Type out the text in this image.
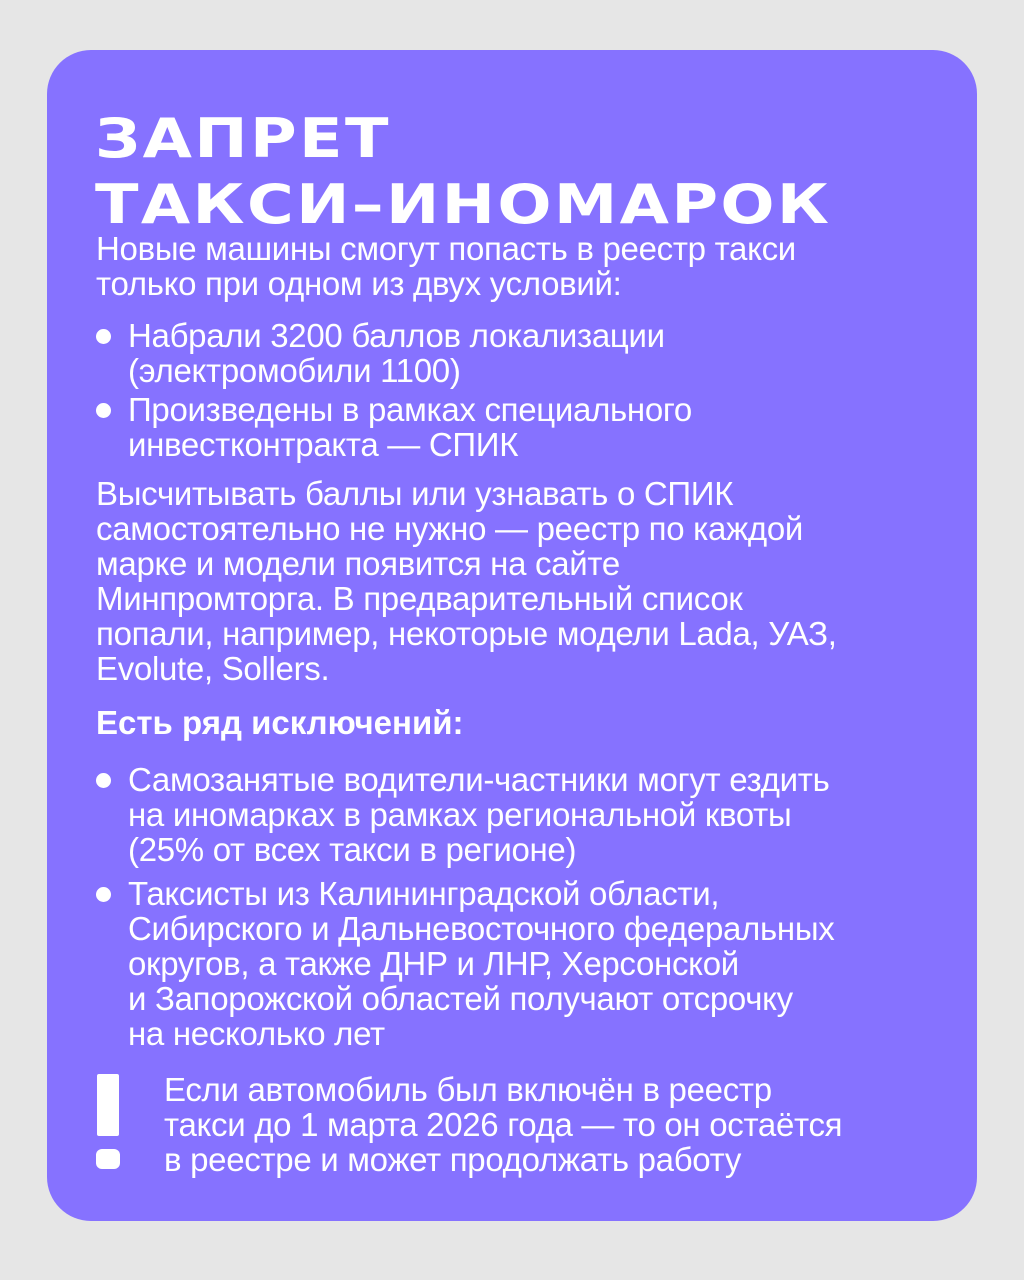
ЗАПРЕТ
ТАКСИ–ИНОМАРОК

Новые машины смогут попасть в реестр такси
только при одном из двух условий:

Набрали 3200 баллов локализации
(электромобили 1100)
Произведены в рамках специального
инвестконтракта — СПИК

Высчитывать баллы или узнавать о СПИК
самостоятельно не нужно — реестр по каждой
марке и модели появится на сайте
Минпромторга. В предварительный список
попали, например, некоторые модели Lada, УАЗ,
Evolute, Sollers.

Есть ряд исключений:
Самозанятые водители-частники могут ездить
на иномарках в рамках региональной квоты
(25% от всех такси в регионе)
Таксисты из Калининградской области,
Сибирского и Дальневосточного федеральных
округов, а также ДНР и ЛНР, Херсонской
и Запорожской областей получают отсрочку
на несколько лет

Если автомобиль был включён в реестр
такси до 1 марта 2026 года — то он остаётся
в реестре и может продолжать работу
